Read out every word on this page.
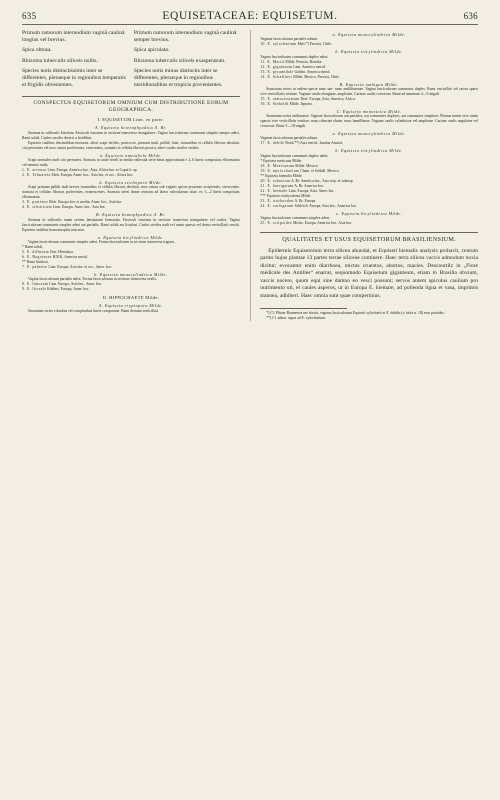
635	EQUISETACEAE: EQUISETUM.	636

Primum ramorum internodium vaginâ caulinâ longius vel brevius.

Spica obtusa.

Rhizoma tuberculis siliceis nullis.

Species notis distinctissimis inter se differentes, pleraeque in regionibus temperatis et frigidis obvenientes.

Primum ramorum internodium vaginâ caulinâ semper brevius.

Spica apiculata.

Rhizoma tuberculis siliceis exasperatum.

Species notis minus distinctis inter se differentes, pleraeque in regionibus meridionalibus et tropicis provenientes.

CONSPECTUS EQUISETORUM OMNIUM CUM DISTRIBUTIONE EORUM GEOGRAPHICA.
I. EQUISETUM Linn. ex parte.
A. Equiseta heterophyadica A. Br.

Stomata in valleculis biseriata. Fasciculi vasorum in sectione transversa triangulares. Vagina fasciculorum communis simplex semper adest. Rami solidi. Caules steriles diversi a fertilibus.

Equiseta caulibus dissimilibus instructa: alteri scapi fertiles, praecoces, primum nudi, pallidi, lutei, stomatibus et cellulis fibrosis destituti, cito pereuntes vel mox ramos proferentes, virescentes, stomatis et cellulis fibrosis provisi; alteri caules steriles virides.

a. Equiseta ametabola Milde.

Scapi normales nudi cito pereuntes. Stomata in caule sterili in media vallecula serie binas approximata e 2–6 lineis compositas efformantia vel omnino nulla.

1. E. arvense Linn. Europa, America bor., Asia, Africa bor. et Caput b. sp.

2. E. Telmateia Ehrh. Europa, Amer. bor., Asia bor. et occ., Africa bor.

b. Equiseta stichopora Milde.

Scapi primum pallidi nudi breves stomatibus et cellulis fibrosis destituti, mox ramos sub vaginis spicae proximis accipientes, virescentes, stomata et cellulas fibrosas proferentes, evanescentes. Stomata seriei lineae remotas ad latera valecularum sitae, ex 1—2 lineis compositas efformantia.

3. E. pratense Ehrh. Europa bor. et media, Amer. bor., Asia bor.

4. E. silvaticum Linn. Europa, Amer. bor., Asia bor.

B. Equiseta homophyadica A. Br.

Stomata in valleculis unam seriem latissimam formantia. Fasciculi vasorum in sectione transversa triangulares vel ovales. Vagina fasciculorum communis simplex adest aut partialis. Rami solidi aut fistulosi. Caules steriles nudi vel ramis sparsis vel densa verticillatis vestiti. Equiseta caulibus homomorphis instructa.

a. Equiseta bicylindrica Milde.

Vagina fasciculorum communis simplex adest. Forma fasciculorum in sectione transversa trigona.

* Rami solidi.

5. E. diffusum Don. Himalaya.

6. E. Bogotense H.B.K. America merid.

** Rami fistulosi.

7. E. palustre Linn. Europa, Asia bor. et occ., Amer. bor.

b. Equiseta monocylindrica Milde.

Vagina fasciculorum partialis adest. Forma fasciculorum in sectione transversa ovalis.

8. E. limosum Linn. Europa, Asia bor., Amer. bor.

9. E. litorale Kühlew. Europa, Amer. bor.

II. HIPPOCHAETE Milde.
A. Equiseta cryptopora Milde.

Stomatum series e duabus vel compluribus lineis compositae. Rami demum verticillati.

a. Equiseta monocylindrica Milde.

Vaginae fasciculorum partiales adsunt.

10. E. xylochaetum Mett.*) Peruvia, Chile.

b. Equiseta tricylindrica Milde.

Vagina fasciculorum communis duplex adest.

11. E. Martii Milde. Peruvia, Brasilia.

12. E. giganteum Linn. America merid.

13. E. pyramidale Goldm. America merid.

14. E. Schaffneri Milde. Mexico, Peruvia, Chile.

B. Equiseta ambigua Milde.

Stomatum series in eadem specie nunc uni- nunc multilineatae. Vagina fasciculorum communis duplex. Rami verticillati vel rarius sparsi vive verticillatis vestitae. Vaginae caulis elongatae, ampliatae. Carinae caulis convexae. Rami ad summum 4—9-anguli.

15. E. ramosissimum Desf. Europa, Asia, America, Africa.

16. E. Sieboldi Milde. Japonia.

C. Equiseta monostoica Milde.

Stomatum series unilineatae. Vaginae fasciculorum aut partiales, aut communes duplices, aut communes simplices. Plantae nudae vive ramis sparsis vive verticillatis vestitae; nunc robustae elatae, nunc humillimae. Vaginae caulis cylindricae vel ampliatae. Carinae caulis angulatae vel convexae. Rami 5—18-anguli.

a. Equiseta monocylindrica Milde.

Vaginae fasciculorum partiales adsunt.

17. E. debile Roxb.**) Asia merid., Insulae Austral.

b. Equiseta tricylindrica Milde.

Vagina fasciculorum communis duplex adest.

* Equiseta mexicana Milde.

18. E. Mexicanum Milde. Mexico.

19. E. myriochaetum Cham. et Schltdl. Mexico.

** Equiseta hiemalia Milde.

20. E. robustum A. Br. America bor., Asia trop. et subtrop.

21. E. laevigatum A. Br. America bor.

22. E. hiemale Linn. Europa, Asia, Amer. bor.

*** Equiseta trachyodonta Milde.

23. E. trachyodon A. Br. Europa.

24. E. variegatum Schleich. Europa, Asia bor., America bor.

c. Equiseta bicylindrica Milde.

Vagina fasciculorum communis simplex adest.

25. E. scirpoides Michx. Europa, America bor., Asia bor.

QUALITATES ET USUS EQUISETORUM BRASILIENSIUM.

Epidermis Equisetorum terra silicea abundat, et Equiseti hiemalis analysis probavit, centum partes hujus plantae 13 partes terrae siliceae continere. Haec terra silicea vaccis admodum noxia dicitur; evocantur enim diarrhoea, mictus cruentus, abortus, macies. Descourtilz in „Flore médicale des Antilles“ enarrat, sequomodo Equisetum giganteum, etiam in Brasilia obvium, vaccis nocere, quum equi sine damno eo vesci possunt; servos autem apiculus caulium pro nutrimento uti, et caules asperos, ut in Europa E. hiemale, ad polienda ligna et vasa, imprimis stannea, adhiberi. Haec omnia sunt quae comperimus.

*) Cl. Pfitzer Bonnensis me docuit, vaginas fasciculorum Equiseti xylochaeti et E. debilis (v. infra n. 18) esse partiales.

**) Cf. adnot. supra ad E. xylochaetum.
